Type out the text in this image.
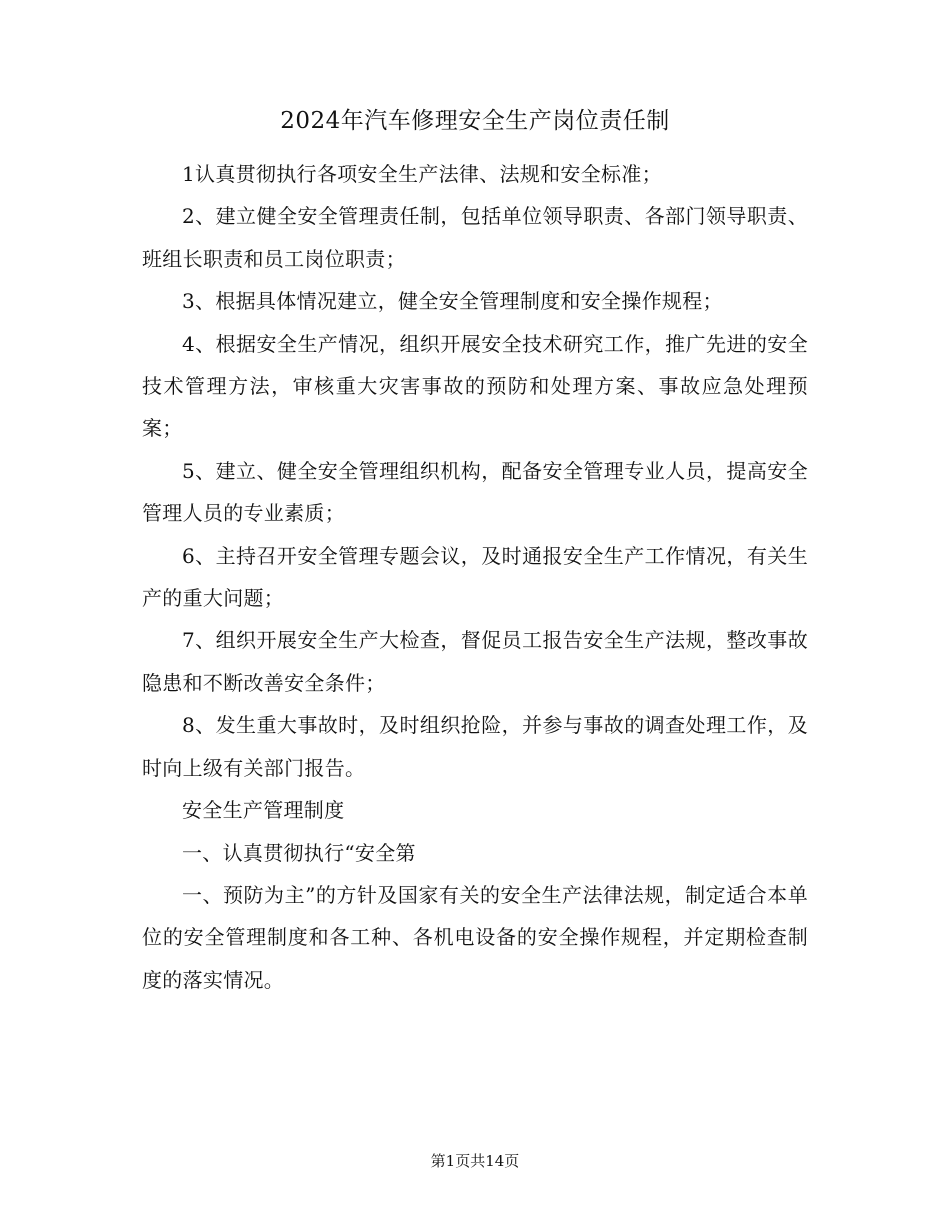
2024年汽车修理安全生产岗位责任制

1认真贯彻执行各项安全生产法律、法规和安全标准；

2、建立健全安全管理责任制，包括单位领导职责、各部门领导职责、班组长职责和员工岗位职责；

3、根据具体情况建立，健全安全管理制度和安全操作规程；

4、根据安全生产情况，组织开展安全技术研究工作，推广先进的安全技术管理方法，审核重大灾害事故的预防和处理方案、事故应急处理预案；

5、建立、健全安全管理组织机构，配备安全管理专业人员，提高安全管理人员的专业素质；

6、主持召开安全管理专题会议，及时通报安全生产工作情况，有关生产的重大问题；

7、组织开展安全生产大检查，督促员工报告安全生产法规，整改事故隐患和不断改善安全条件；

8、发生重大事故时，及时组织抢险，并参与事故的调查处理工作，及时向上级有关部门报告。

安全生产管理制度

一、认真贯彻执行“安全第

一、预防为主”的方针及国家有关的安全生产法律法规，制定适合本单位的安全管理制度和各工种、各机电设备的安全操作规程，并定期检查制度的落实情况。

第1页共14页
